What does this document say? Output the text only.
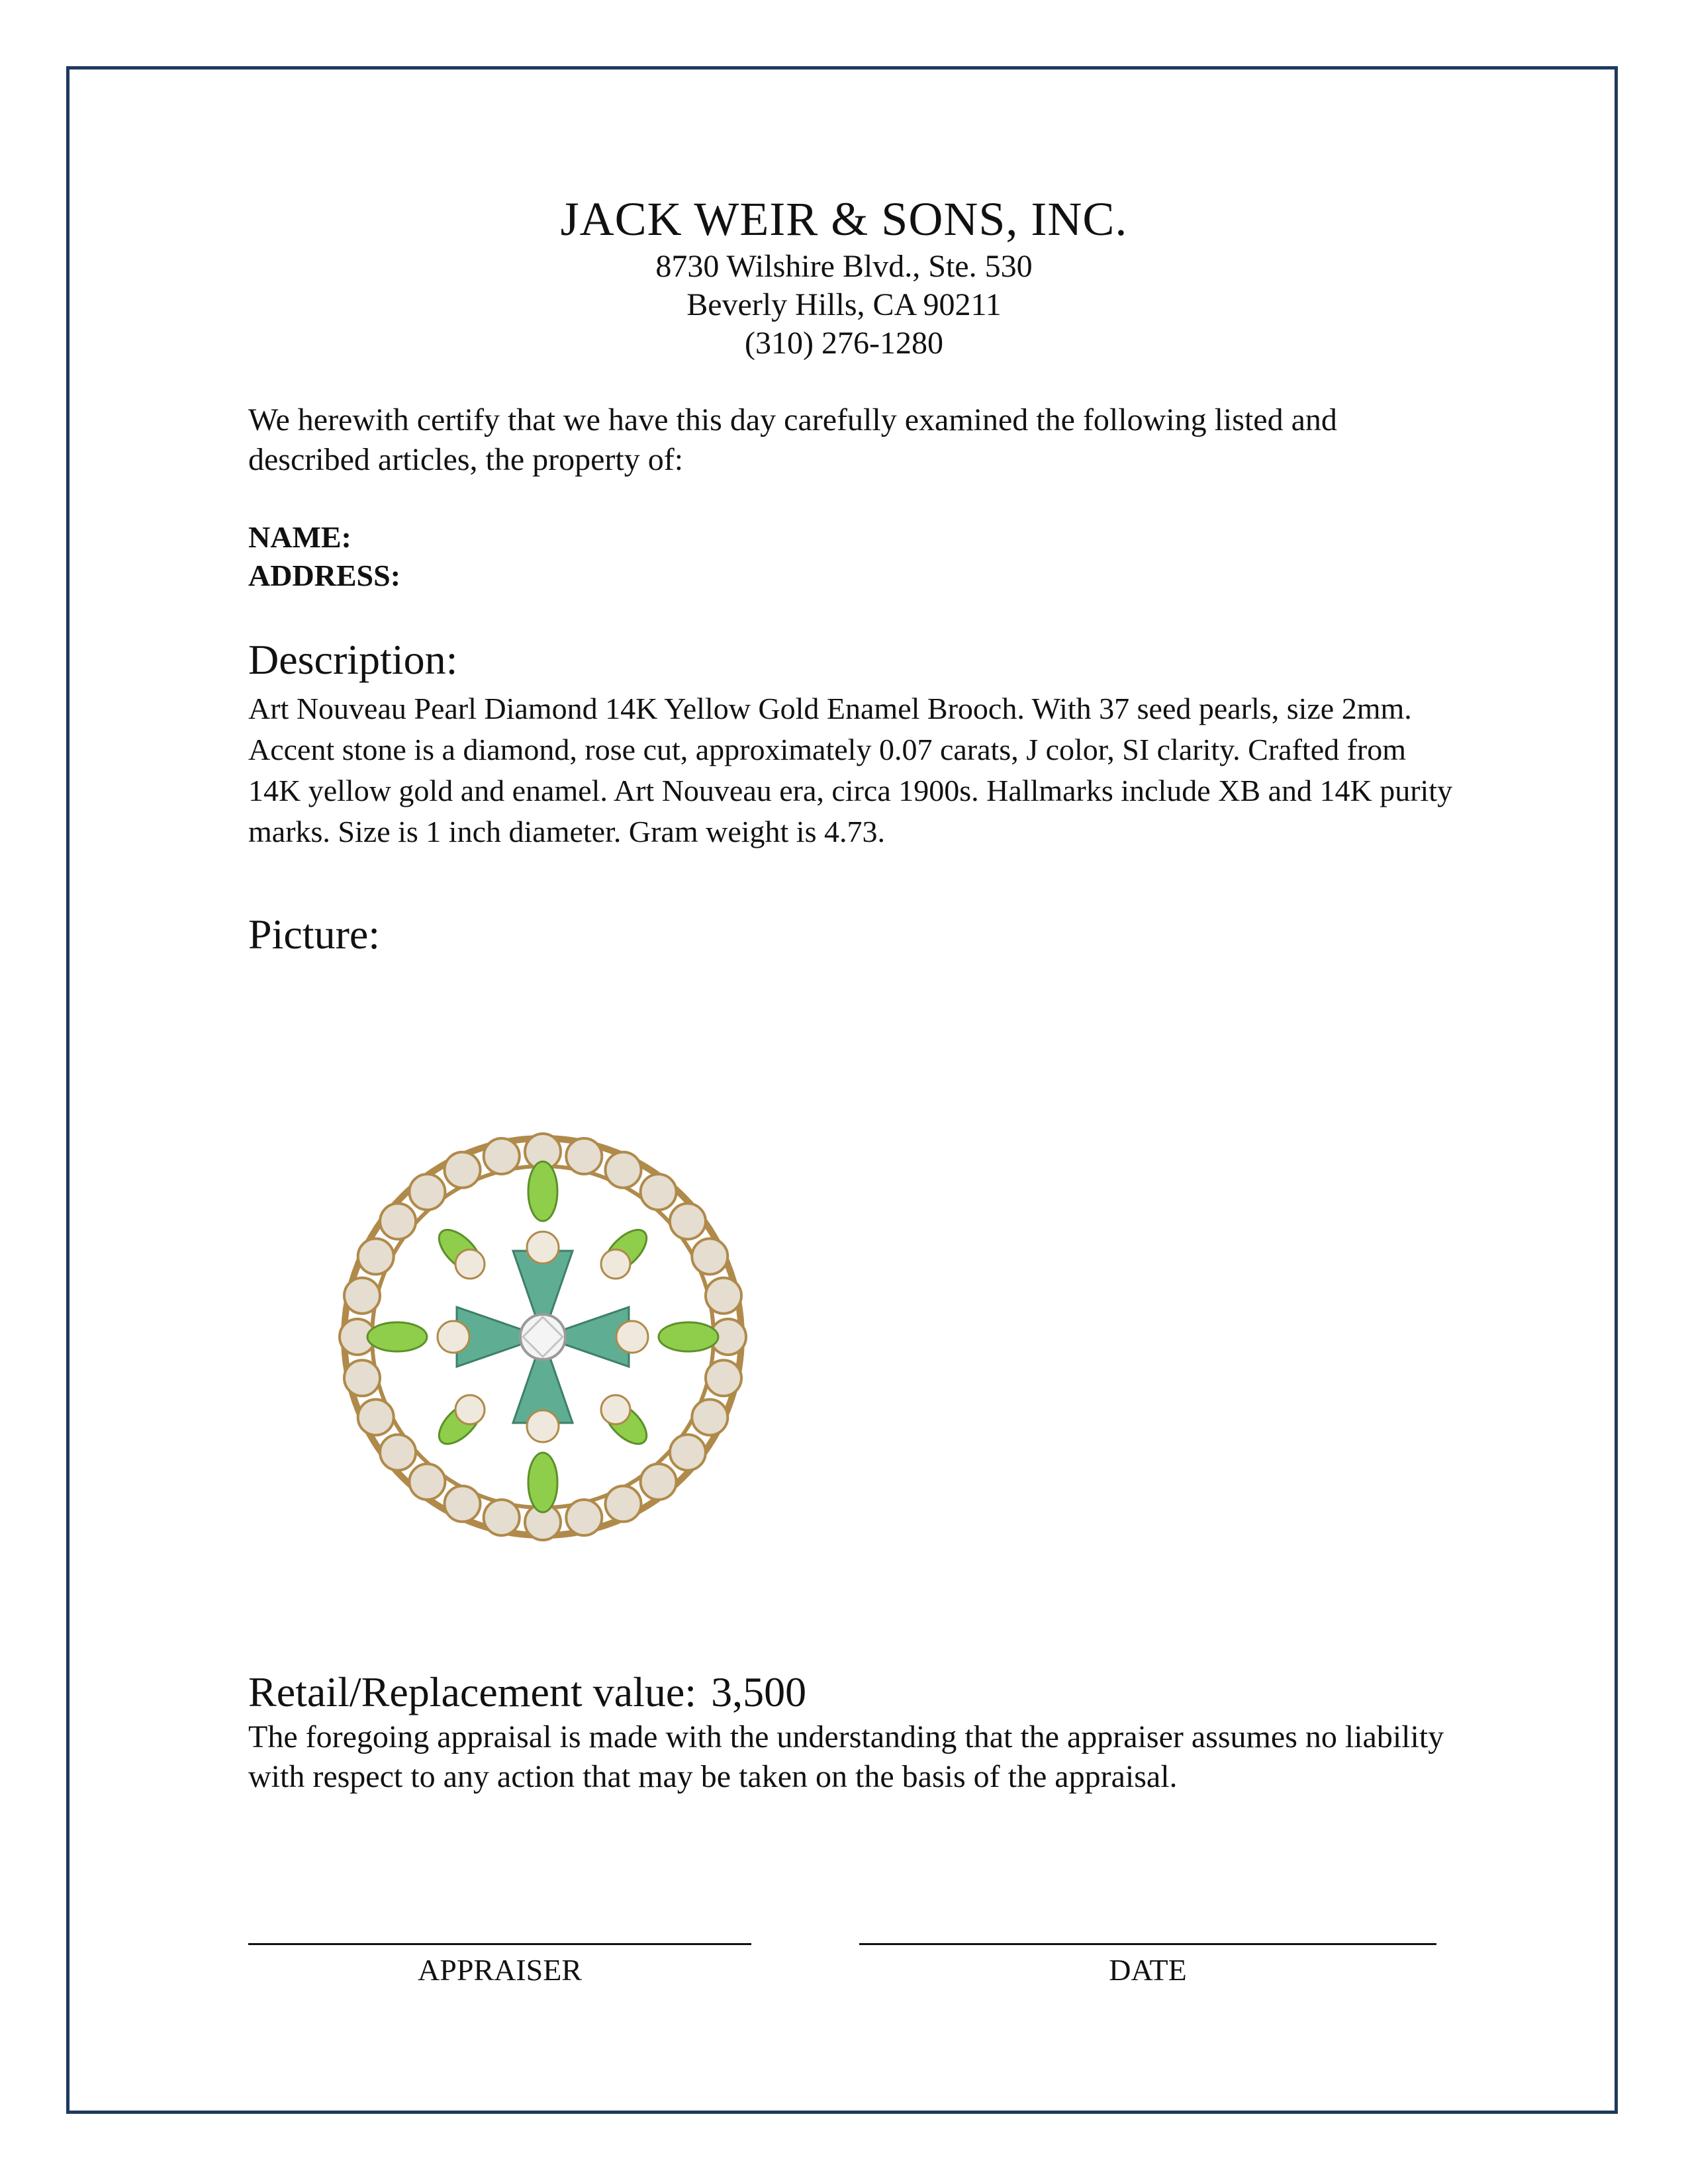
JACK WEIR & SONS, INC.
8730 Wilshire Blvd., Ste. 530
Beverly Hills, CA 90211
(310) 276-1280
We herewith certify that we have this day carefully examined the following listed and described articles, the property of:
NAME:
ADDRESS:
Description:
Art Nouveau Pearl Diamond 14K Yellow Gold Enamel Brooch. With 37 seed pearls, size 2mm. Accent stone is a diamond, rose cut, approximately 0.07 carats, J color, SI clarity. Crafted from 14K yellow gold and enamel. Art Nouveau era, circa 1900s. Hallmarks include XB and 14K purity marks. Size is 1 inch diameter. Gram weight is 4.73.
Picture:
Retail/Replacement value: 3,500
The foregoing appraisal is made with the understanding that the appraiser assumes no liability with respect to any action that may be taken on the basis of the appraisal.
APPRAISER	DATE
